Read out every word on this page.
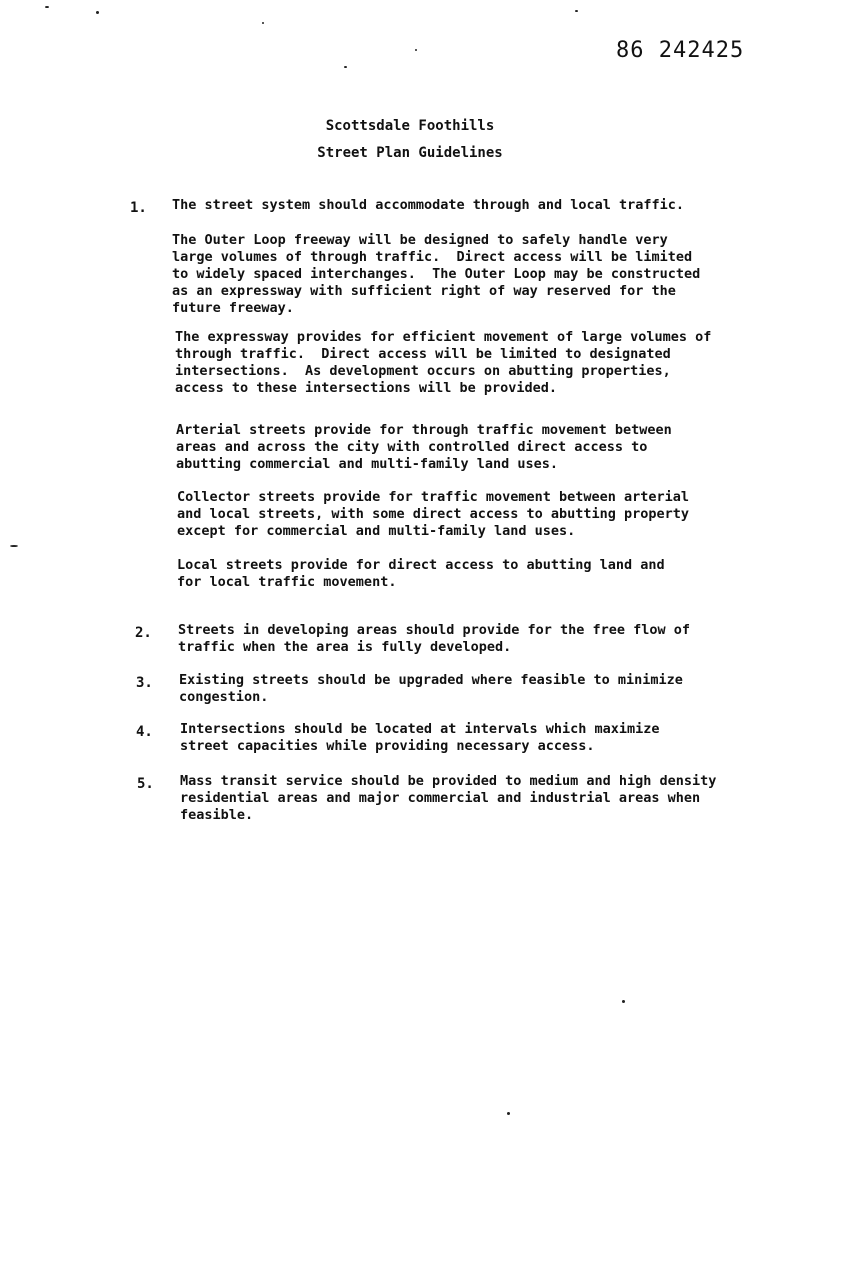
86 242425
Scottsdale Foothills
Street Plan Guidelines
1. The street system should accommodate through and local traffic.
The Outer Loop freeway will be designed to safely handle very
large volumes of through traffic.  Direct access will be limited
to widely spaced interchanges.  The Outer Loop may be constructed
as an expressway with sufficient right of way reserved for the
future freeway.
The expressway provides for efficient movement of large volumes of
through traffic.  Direct access will be limited to designated
intersections.  As development occurs on abutting properties,
access to these intersections will be provided.
Arterial streets provide for through traffic movement between
areas and across the city with controlled direct access to
abutting commercial and multi-family land uses.
Collector streets provide for traffic movement between arterial
and local streets, with some direct access to abutting property
except for commercial and multi-family land uses.
Local streets provide for direct access to abutting land and
for local traffic movement.
2. Streets in developing areas should provide for the free flow of
traffic when the area is fully developed.
3. Existing streets should be upgraded where feasible to minimize
congestion.
4. Intersections should be located at intervals which maximize
street capacities while providing necessary access.
5. Mass transit service should be provided to medium and high density
residential areas and major commercial and industrial areas when
feasible.
